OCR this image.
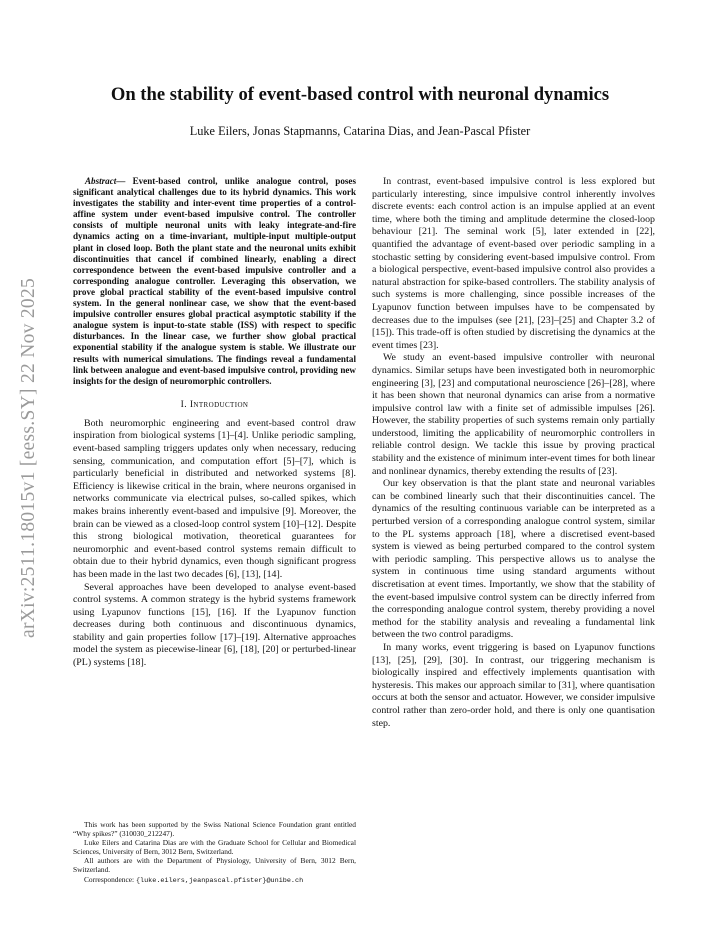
arXiv:2511.18015v1 [eess.SY] 22 Nov 2025
On the stability of event-based control with neuronal dynamics
Luke Eilers, Jonas Stapmanns, Catarina Dias, and Jean-Pascal Pfister

Abstract— Event-based control, unlike analogue control, poses significant analytical challenges due to its hybrid dynamics. This work investigates the stability and inter-event time properties of a control-affine system under event-based impulsive control. The controller consists of multiple neuronal units with leaky integrate-and-fire dynamics acting on a time-invariant, multiple-input multiple-output plant in closed loop. Both the plant state and the neuronal units exhibit discontinuities that cancel if combined linearly, enabling a direct correspondence between the event-based impulsive controller and a corresponding analogue controller. Leveraging this observation, we prove global practical stability of the event-based impulsive control system. In the general nonlinear case, we show that the event-based impulsive controller ensures global practical asymptotic stability if the analogue system is input-to-state stable (ISS) with respect to specific disturbances. In the linear case, we further show global practical exponential stability if the analogue system is stable. We illustrate our results with numerical simulations. The findings reveal a fundamental link between analogue and event-based impulsive control, providing new insights for the design of neuromorphic controllers.

I. Introduction

Both neuromorphic engineering and event-based control draw inspiration from biological systems [1]–[4]. Unlike periodic sampling, event-based sampling triggers updates only when necessary, reducing sensing, communication, and computation effort [5]–[7], which is particularly beneficial in distributed and networked systems [8]. Efficiency is likewise critical in the brain, where neurons organised in networks communicate via electrical pulses, so-called spikes, which makes brains inherently event-based and impulsive [9]. Moreover, the brain can be viewed as a closed-loop control system [10]–[12]. Despite this strong biological motivation, theoretical guarantees for neuromorphic and event-based control systems remain difficult to obtain due to their hybrid dynamics, even though significant progress has been made in the last two decades [6], [13], [14].

Several approaches have been developed to analyse event-based control systems. A common strategy is the hybrid systems framework using Lyapunov functions [15], [16]. If the Lyapunov function decreases during both continuous and discontinuous dynamics, stability and gain properties follow [17]–[19]. Alternative approaches model the system as piecewise-linear [6], [18], [20] or perturbed-linear (PL) systems [18].

This work has been supported by the Swiss National Science Foundation grant entitled “Why spikes?” (310030_212247).

Luke Eilers and Catarina Dias are with the Graduate School for Cellular and Biomedical Sciences, University of Bern, 3012 Bern, Switzerland.

All authors are with the Department of Physiology, University of Bern, 3012 Bern, Switzerland.

Correspondence: {luke.eilers,jeanpascal.pfister}@unibe.ch

In contrast, event-based impulsive control is less explored but particularly interesting, since impulsive control inherently involves discrete events: each control action is an impulse applied at an event time, where both the timing and amplitude determine the closed-loop behaviour [21]. The seminal work [5], later extended in [22], quantified the advantage of event-based over periodic sampling in a stochastic setting by considering event-based impulsive control. From a biological perspective, event-based impulsive control also provides a natural abstraction for spike-based controllers. The stability analysis of such systems is more challenging, since possible increases of the Lyapunov function between impulses have to be compensated by decreases due to the impulses (see [21], [23]–[25] and Chapter 3.2 of [15]). This trade-off is often studied by discretising the dynamics at the event times [23].

We study an event-based impulsive controller with neuronal dynamics. Similar setups have been investigated both in neuromorphic engineering [3], [23] and computational neuroscience [26]–[28], where it has been shown that neuronal dynamics can arise from a normative impulsive control law with a finite set of admissible impulses [26]. However, the stability properties of such systems remain only partially understood, limiting the applicability of neuromorphic controllers in reliable control design. We tackle this issue by proving practical stability and the existence of minimum inter-event times for both linear and nonlinear dynamics, thereby extending the results of [23].

Our key observation is that the plant state and neuronal variables can be combined linearly such that their discontinuities cancel. The dynamics of the resulting continuous variable can be interpreted as a perturbed version of a corresponding analogue control system, similar to the PL systems approach [18], where a discretised event-based system is viewed as being perturbed compared to the control system with periodic sampling. This perspective allows us to analyse the system in continuous time using standard arguments without discretisation at event times. Importantly, we show that the stability of the event-based impulsive control system can be directly inferred from the corresponding analogue control system, thereby providing a novel method for the stability analysis and revealing a fundamental link between the two control paradigms.

In many works, event triggering is based on Lyapunov functions [13], [25], [29], [30]. In contrast, our triggering mechanism is biologically inspired and effectively implements quantisation with hysteresis. This makes our approach similar to [31], where quantisation occurs at both the sensor and actuator. However, we consider impulsive control rather than zero-order hold, and there is only one quantisation step.
